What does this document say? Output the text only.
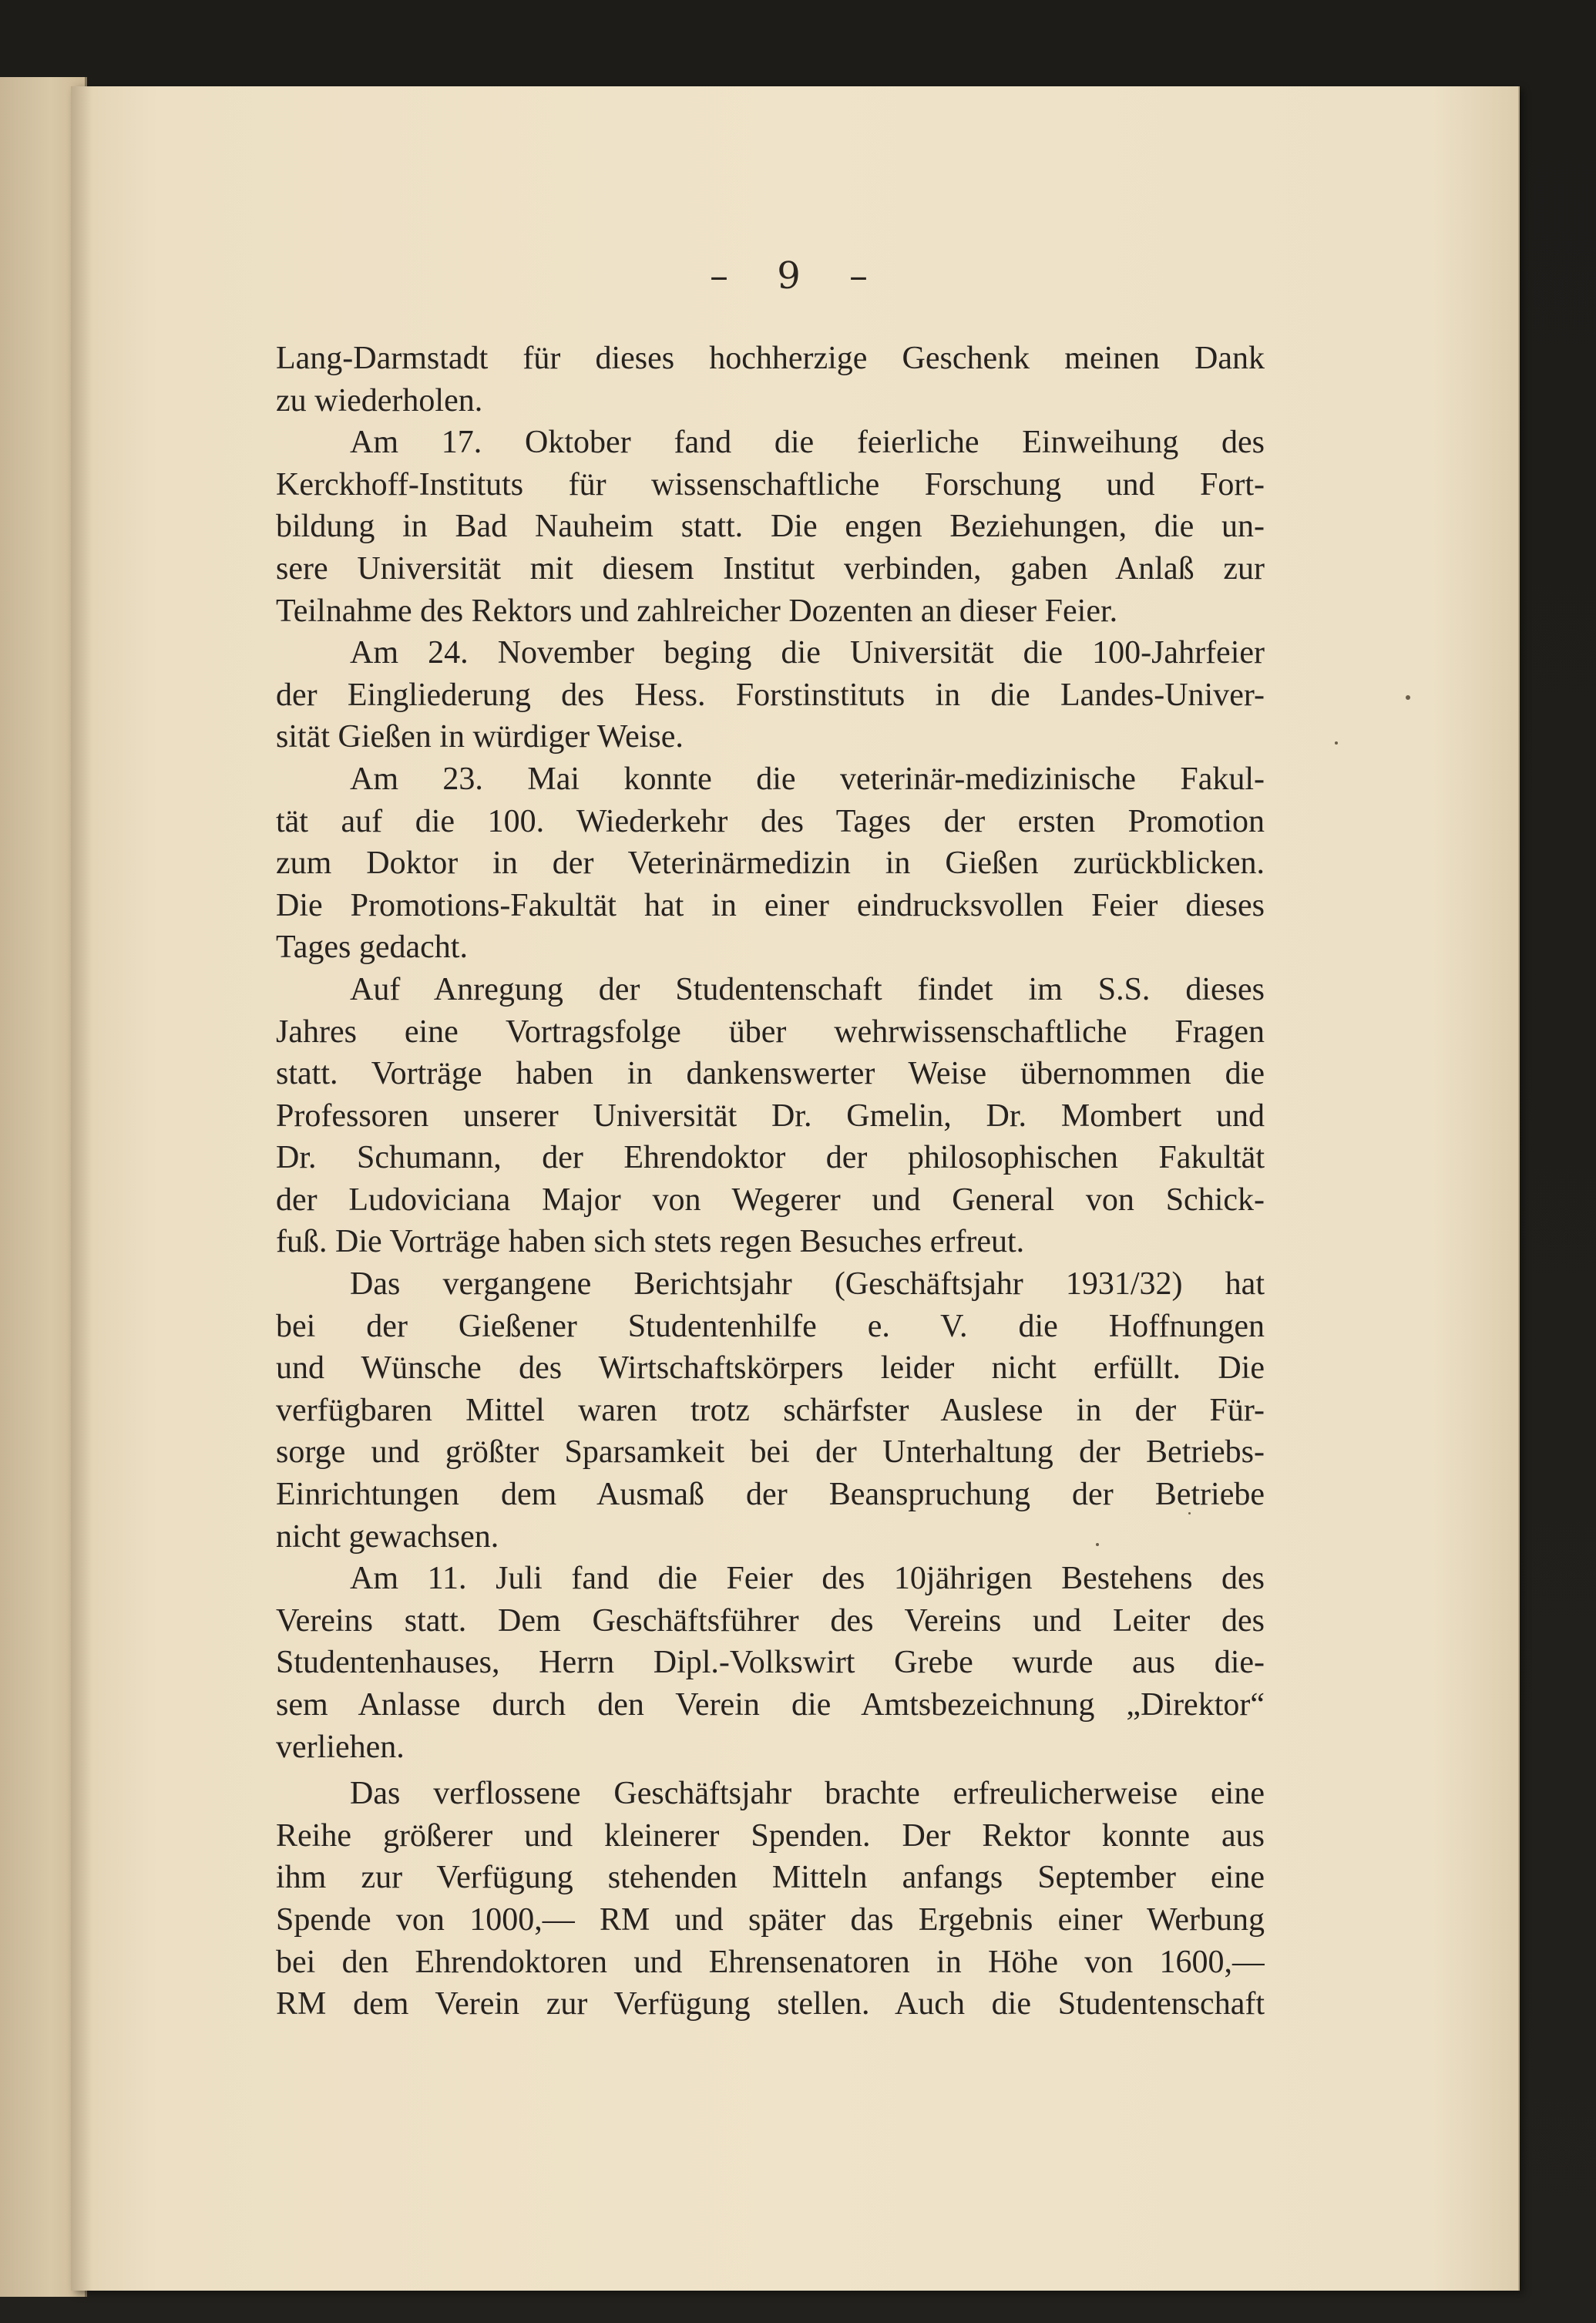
– 9 –
Lang-Darmstadt für dieses hochherzige Geschenk meinen Dank
zu wiederholen.
Am 17. Oktober fand die feierliche Einweihung des
Kerckhoff-Instituts für wissenschaftliche Forschung und Fort-
bildung in Bad Nauheim statt. Die engen Beziehungen, die un-
sere Universität mit diesem Institut verbinden, gaben Anlaß zur
Teilnahme des Rektors und zahlreicher Dozenten an dieser Feier.
Am 24. November beging die Universität die 100-Jahrfeier
der Eingliederung des Hess. Forstinstituts in die Landes-Univer-
sität Gießen in würdiger Weise.
Am 23. Mai konnte die veterinär-medizinische Fakul-
tät auf die 100. Wiederkehr des Tages der ersten Promotion
zum Doktor in der Veterinärmedizin in Gießen zurückblicken.
Die Promotions-Fakultät hat in einer eindrucksvollen Feier dieses
Tages gedacht.
Auf Anregung der Studentenschaft findet im S.S. dieses
Jahres eine Vortragsfolge über wehrwissenschaftliche Fragen
statt. Vorträge haben in dankenswerter Weise übernommen die
Professoren unserer Universität Dr. Gmelin, Dr. Mombert und
Dr. Schumann, der Ehrendoktor der philosophischen Fakultät
der Ludoviciana Major von Wegerer und General von Schick-
fuß. Die Vorträge haben sich stets regen Besuches erfreut.
Das vergangene Berichtsjahr (Geschäftsjahr 1931/32) hat
bei der Gießener Studentenhilfe e. V. die Hoffnungen
und Wünsche des Wirtschaftskörpers leider nicht erfüllt. Die
verfügbaren Mittel waren trotz schärfster Auslese in der Für-
sorge und größter Sparsamkeit bei der Unterhaltung der Betriebs-
Einrichtungen dem Ausmaß der Beanspruchung der Betriebe
nicht gewachsen.
Am 11. Juli fand die Feier des 10jährigen Bestehens des
Vereins statt. Dem Geschäftsführer des Vereins und Leiter des
Studentenhauses, Herrn Dipl.-Volkswirt Grebe wurde aus die-
sem Anlasse durch den Verein die Amtsbezeichnung „Direktor“
verliehen.
Das verflossene Geschäftsjahr brachte erfreulicherweise eine
Reihe größerer und kleinerer Spenden. Der Rektor konnte aus
ihm zur Verfügung stehenden Mitteln anfangs September eine
Spende von 1000,— RM und später das Ergebnis einer Werbung
bei den Ehrendoktoren und Ehrensenatoren in Höhe von 1600,—
RM dem Verein zur Verfügung stellen. Auch die Studentenschaft
